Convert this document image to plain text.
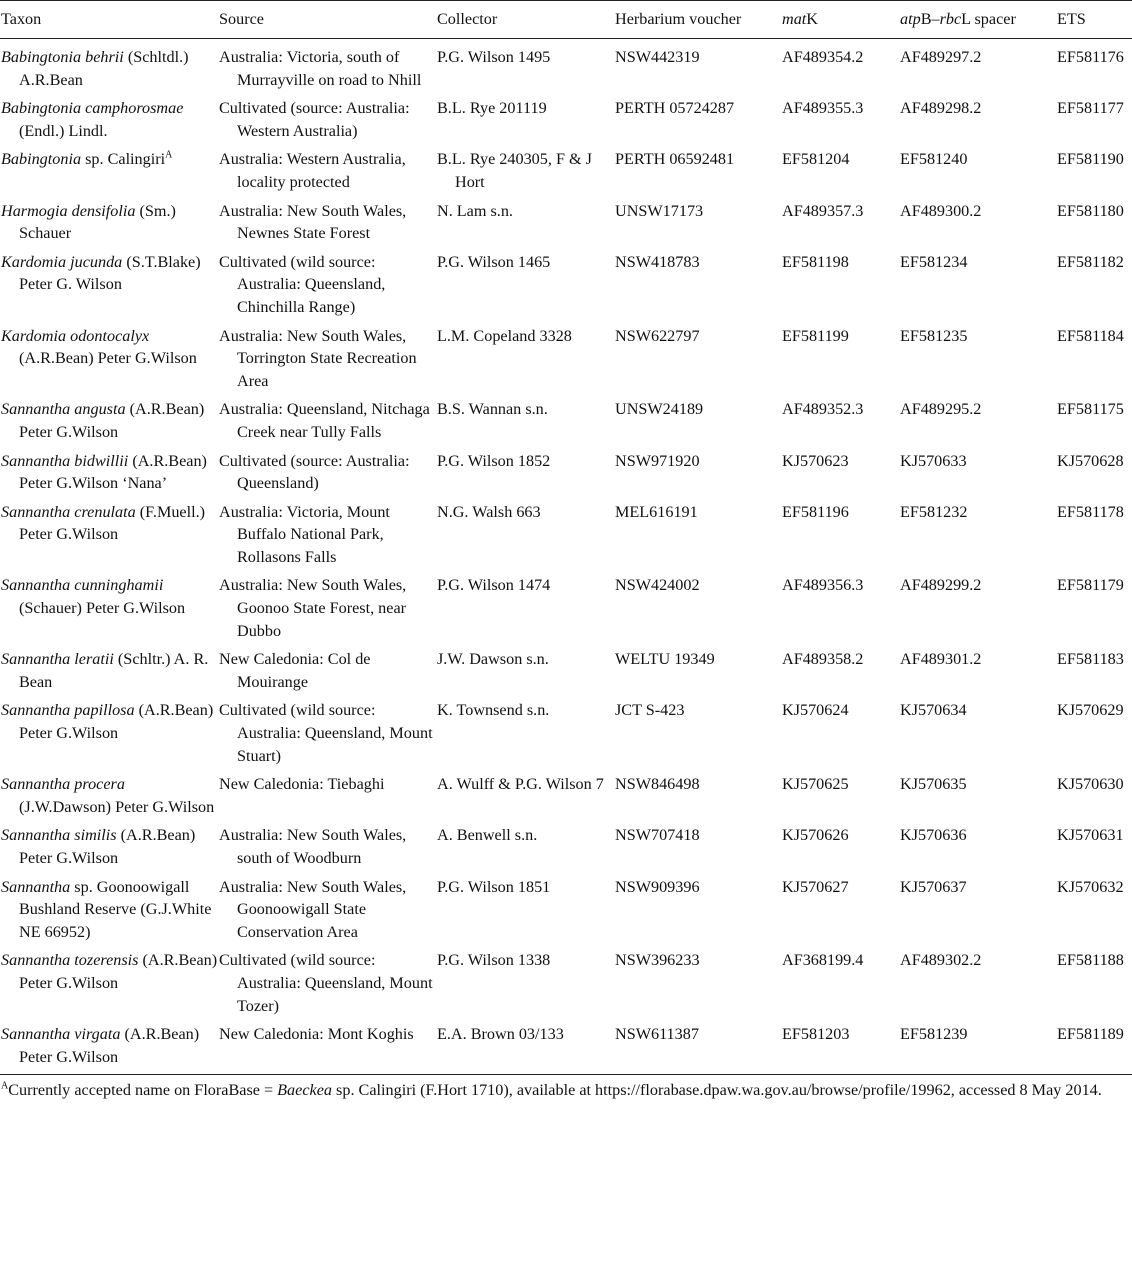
Taxon	Source	Collector	Herbarium voucher	matK	atpB–rbcL spacer	ETS

Babingtonia behrii (Schltdl.) A.R.Bean	Australia: Victoria, south of Murrayville on road to Nhill	P.G. Wilson 1495	NSW442319	AF489354.2	AF489297.2	EF581176

Babingtonia camphorosmae (Endl.) Lindl.	Cultivated (source: Australia: Western Australia)	B.L. Rye 201119	PERTH 05724287	AF489355.3	AF489298.2	EF581177

Babingtonia sp. Calingiri$^A$	Australia: Western Australia, locality protected	B.L. Rye 240305, F & J Hort	PERTH 06592481	EF581204	EF581240	EF581190

Harmogia densifolia (Sm.) Schauer	Australia: New South Wales, Newnes State Forest	N. Lam s.n.	UNSW17173	AF489357.3	AF489300.2	EF581180

Kardomia jucunda (S.T.Blake) Peter G. Wilson	Cultivated (wild source: Australia: Queensland, Chinchilla Range)	P.G. Wilson 1465	NSW418783	EF581198	EF581234	EF581182

Kardomia odontocalyx (A.R.Bean) Peter G.Wilson	Australia: New South Wales, Torrington State Recreation Area	L.M. Copeland 3328	NSW622797	EF581199	EF581235	EF581184

Sannantha angusta (A.R.Bean) Peter G.Wilson	Australia: Queensland, Nitchaga Creek near Tully Falls	B.S. Wannan s.n.	UNSW24189	AF489352.3	AF489295.2	EF581175

Sannantha bidwillii (A.R.Bean) Peter G.Wilson ‘Nana’	Cultivated (source: Australia: Queensland)	P.G. Wilson 1852	NSW971920	KJ570623	KJ570633	KJ570628

Sannantha crenulata (F.Muell.) Peter G.Wilson	Australia: Victoria, Mount Buffalo National Park, Rollasons Falls	N.G. Walsh 663	MEL616191	EF581196	EF581232	EF581178

Sannantha cunninghamii (Schauer) Peter G.Wilson	Australia: New South Wales, Goonoo State Forest, near Dubbo	P.G. Wilson 1474	NSW424002	AF489356.3	AF489299.2	EF581179

Sannantha leratii (Schltr.) A. R. Bean	New Caledonia: Col de Mouirange	J.W. Dawson s.n.	WELTU 19349	AF489358.2	AF489301.2	EF581183

Sannantha papillosa (A.R.Bean) Peter G.Wilson	Cultivated (wild source: Australia: Queensland, Mount Stuart)	K. Townsend s.n.	JCT S-423	KJ570624	KJ570634	KJ570629

Sannantha procera (J.W.Dawson) Peter G.Wilson	New Caledonia: Tiebaghi	A. Wulff & P.G. Wilson 7	NSW846498	KJ570625	KJ570635	KJ570630

Sannantha similis (A.R.Bean) Peter G.Wilson	Australia: New South Wales, south of Woodburn	A. Benwell s.n.	NSW707418	KJ570626	KJ570636	KJ570631

Sannantha sp. Goonoowigall Bushland Reserve (G.J.White NE 66952)	Australia: New South Wales, Goonoowigall State Conservation Area	P.G. Wilson 1851	NSW909396	KJ570627	KJ570637	KJ570632

Sannantha tozerensis (A.R.Bean) Peter G.Wilson	Cultivated (wild source: Australia: Queensland, Mount Tozer)	P.G. Wilson 1338	NSW396233	AF368199.4	AF489302.2	EF581188

Sannantha virgata (A.R.Bean) Peter G.Wilson	New Caledonia: Mont Koghis	E.A. Brown 03/133	NSW611387	EF581203	EF581239	EF581189
$^A$Currently accepted name on FloraBase = Baeckea sp. Calingiri (F.Hort 1710), available at https://florabase.dpaw.wa.gov.au/browse/profile/19962, accessed 8 May 2014.
